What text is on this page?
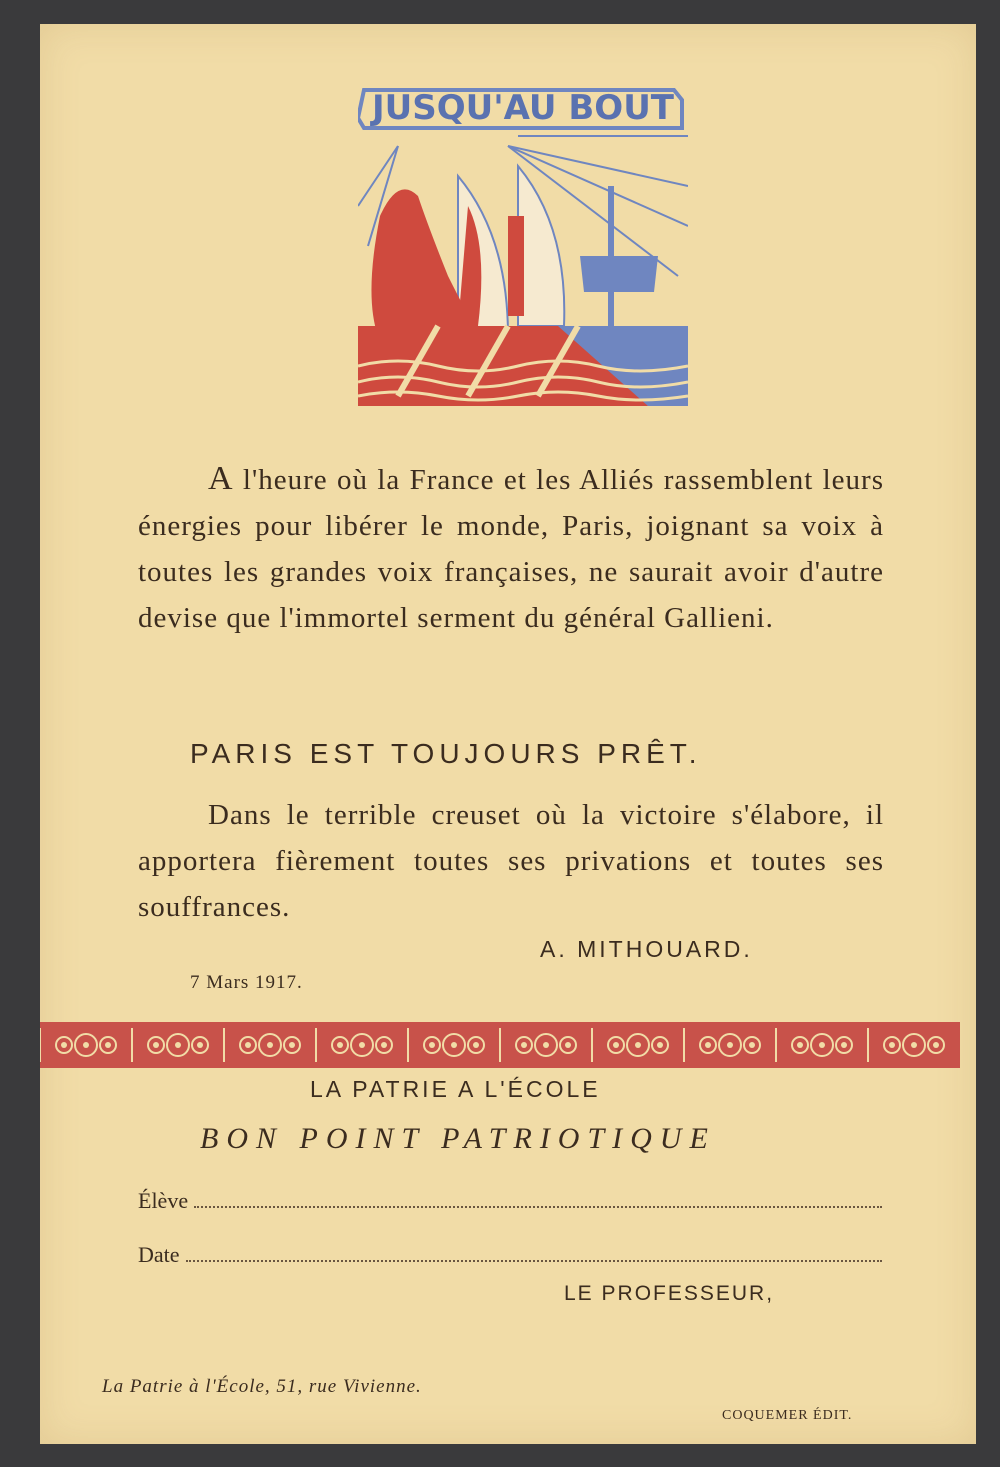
JUSQU'AU BOUT
A l'heure où la France et les Alliés rassemblent leurs énergies pour libérer le monde, Paris, joignant sa voix à toutes les grandes voix françaises, ne saurait avoir d'autre devise que l'immortel serment du général Gallieni.
PARIS EST TOUJOURS PRÊT.
Dans le terrible creuset où la victoire s'élabore, il apportera fièrement toutes ses privations et toutes ses souffrances.
A. MITHOUARD.
7 Mars 1917.
LA PATRIE A L'ÉCOLE
BON POINT PATRIOTIQUE
Élève
Date
LE PROFESSEUR,
La Patrie à l'École, 51, rue Vivienne.
COQUEMER ÉDIT.
